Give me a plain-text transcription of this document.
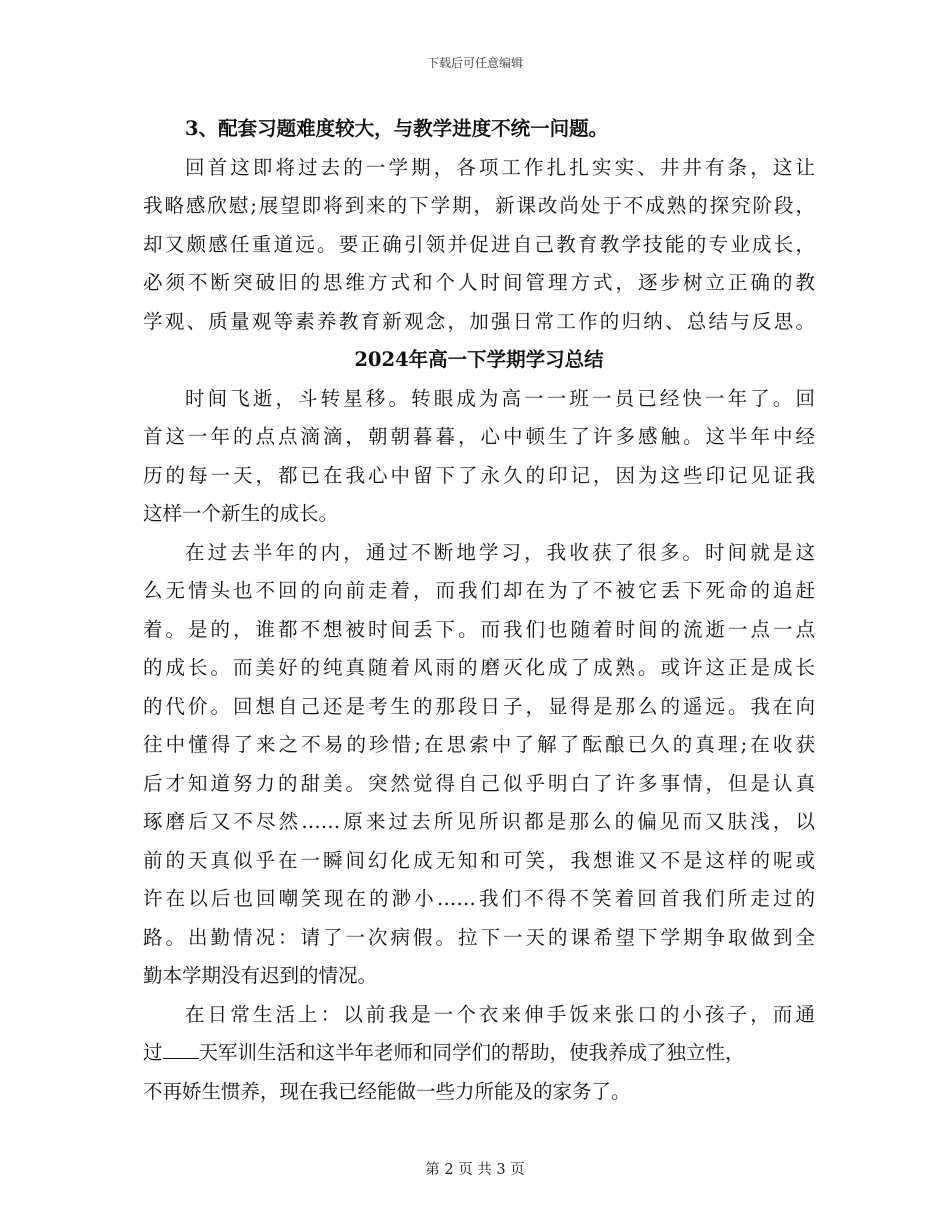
下载后可任意编辑
3、配套习题难度较大，与教学进度不统一问题。
回首这即将过去的一学期，各项工作扎扎实实、井井有条，这让
我略感欣慰;展望即将到来的下学期，新课改尚处于不成熟的探究阶段，
却又颇感任重道远。要正确引领并促进自己教育教学技能的专业成长，
必须不断突破旧的思维方式和个人时间管理方式，逐步树立正确的教
学观、质量观等素养教育新观念，加强日常工作的归纳、总结与反思。
2024年高一下学期学习总结
时间飞逝，斗转星移。转眼成为高一一班一员已经快一年了。回
首这一年的点点滴滴，朝朝暮暮，心中顿生了许多感触。这半年中经
历的每一天，都已在我心中留下了永久的印记，因为这些印记见证我
这样一个新生的成长。
在过去半年的内，通过不断地学习，我收获了很多。时间就是这
么无情头也不回的向前走着，而我们却在为了不被它丢下死命的追赶
着。是的，谁都不想被时间丢下。而我们也随着时间的流逝一点一点
的成长。而美好的纯真随着风雨的磨灭化成了成熟。或许这正是成长
的代价。回想自己还是考生的那段日子，显得是那么的遥远。我在向
往中懂得了来之不易的珍惜;在思索中了解了酝酿已久的真理;在收获
后才知道努力的甜美。突然觉得自己似乎明白了许多事情，但是认真
琢磨后又不尽然……原来过去所见所识都是那么的偏见而又肤浅，以
前的天真似乎在一瞬间幻化成无知和可笑，我想谁又不是这样的呢或
许在以后也回嘲笑现在的渺小……我们不得不笑着回首我们所走过的
路。出勤情况：请了一次病假。拉下一天的课希望下学期争取做到全
勤本学期没有迟到的情况。
在日常生活上：以前我是一个衣来伸手饭来张口的小孩子，而通
过 天军训生活和这半年老师和同学们的帮助，使我养成了独立性，
不再娇生惯养，现在我已经能做一些力所能及的家务了。
第 2 页 共 3 页
